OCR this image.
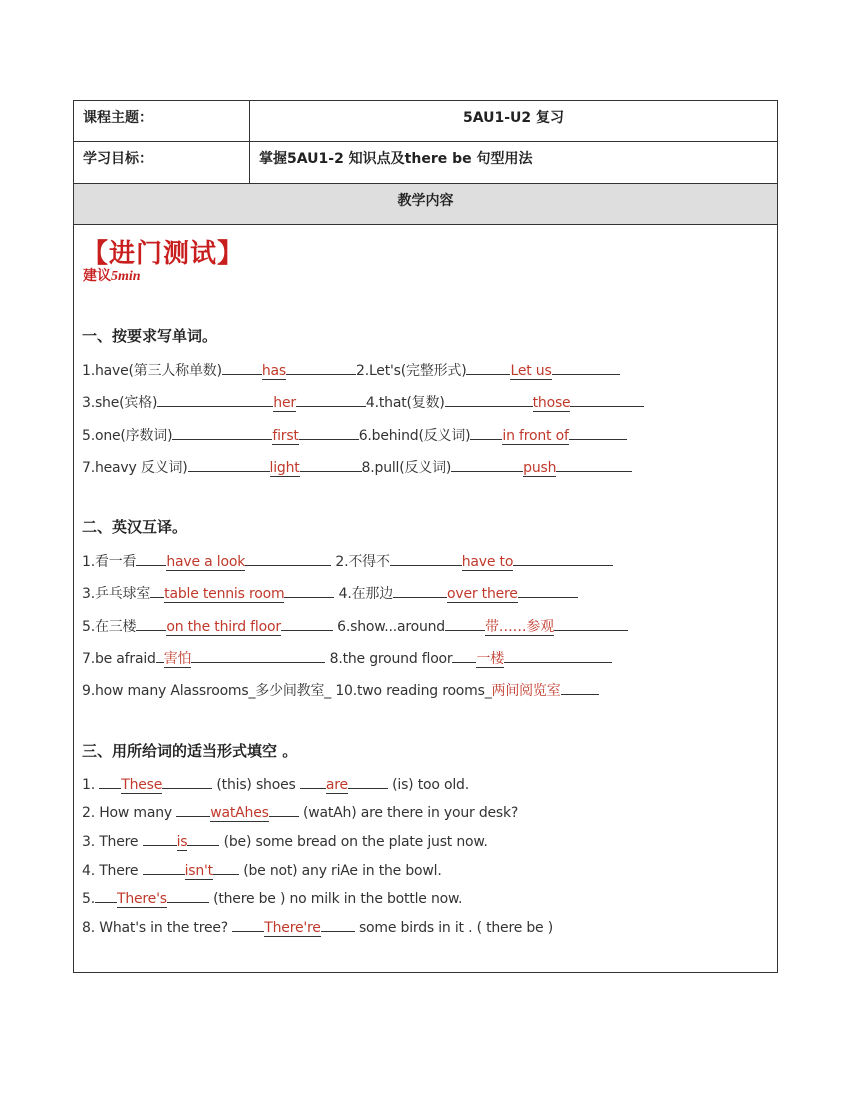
课程主题：	5AU1-U2 复习
学习目标：	掌握5AU1-2 知识点及there be 句型用法
教学内容
【进门测试】
建议5min
一、按要求写单词。
1.have(第三人称单数)	has	2.Let's(完整形式)	Let us
3.she(宾格)	her	4.that(复数)	those
5.one(序数词)	first	6.behind(反义词) in front of
7.heavy 反义词)	light	8.pull(反义词)	push
二、英汉互译。
1.看一看 have a look	2.不得不	have to
3.乒乓球室 table tennis room	4.在那边	over there
5.在三楼 on the third floor	6.show...around	带……参观
7.be afraid 害怕	8.the ground floor 一楼
9.how many Alassrooms_多少间教室_ 10.two reading rooms_两间阅览室
三、用所给词的适当形式填空 。
1. These	(this) shoes are	(is) too old.
2. How many watAhes (watAh) are there in your desk?
3. There is (be) some bread on the plate just now.
4. There	isn't (be not) any riAe in the bowl.
5. There's	(there be ) no milk in the bottle now.
8. What's in the tree? There're some birds in it . ( there be )
